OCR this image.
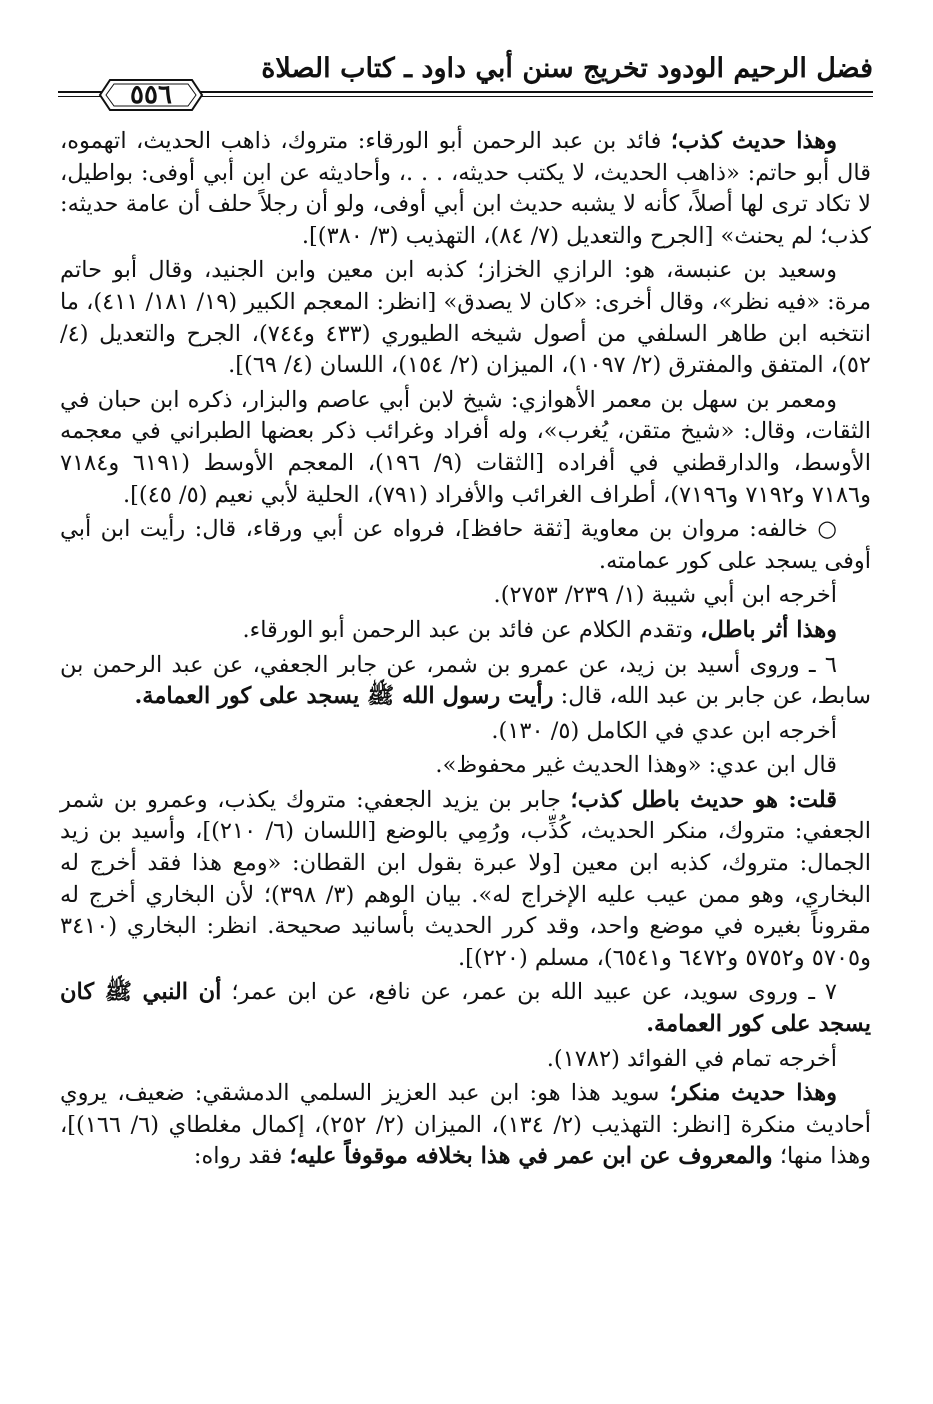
فضل الرحيم الودود تخريج سنن أبي داود ـ كتاب الصلاة
٥٥٦

وهذا حديث كذب؛ فائد بن عبد الرحمن أبو الورقاء: متروك، ذاهب الحديث، اتهموه، قال أبو حاتم: «ذاهب الحديث، لا يكتب حديثه، . . .، وأحاديثه عن ابن أبي أوفى: بواطيل، لا تكاد ترى لها أصلاً، كأنه لا يشبه حديث ابن أبي أوفى، ولو أن رجلاً حلف أن عامة حديثه: كذب؛ لم يحنث» [الجرح والتعديل (٧/ ٨٤)، التهذيب (٣/ ٣٨٠)].

وسعيد بن عنبسة، هو: الرازي الخزاز؛ كذبه ابن معين وابن الجنيد، وقال أبو حاتم مرة: «فيه نظر»، وقال أخرى: «كان لا يصدق» [انظر: المعجم الكبير (١٩/ ١٨١/ ٤١١)، ما انتخبه ابن طاهر السلفي من أصول شيخه الطيوري (٤٣٣ و٧٤٤)، الجرح والتعديل (٤/ ٥٢)، المتفق والمفترق (٢/ ١٠٩٧)، الميزان (٢/ ١٥٤)، اللسان (٤/ ٦٩)].

ومعمر بن سهل بن معمر الأهوازي: شيخ لابن أبي عاصم والبزار، ذكره ابن حبان في الثقات، وقال: «شيخ متقن، يُغرب»، وله أفراد وغرائب ذكر بعضها الطبراني في معجمه الأوسط، والدارقطني في أفراده [الثقات (٩/ ١٩٦)، المعجم الأوسط (٦١٩١ و٧١٨٤ و٧١٨٦ و٧١٩٢ و٧١٩٦)، أطراف الغرائب والأفراد (٧٩١)، الحلية لأبي نعيم (٥/ ٤٥)].

○ خالفه: مروان بن معاوية [ثقة حافظ]، فرواه عن أبي ورقاء، قال: رأيت ابن أبي أوفى يسجد على كور عمامته.

أخرجه ابن أبي شيبة (١/ ٢٣٩/ ٢٧٥٣).

وهذا أثر باطل، وتقدم الكلام عن فائد بن عبد الرحمن أبو الورقاء.

٦ ـ وروى أسيد بن زيد، عن عمرو بن شمر، عن جابر الجعفي، عن عبد الرحمن بن سابط، عن جابر بن عبد الله، قال: رأيت رسول الله ﷺ يسجد على كور العمامة.

أخرجه ابن عدي في الكامل (٥/ ١٣٠).

قال ابن عدي: «وهذا الحديث غير محفوظ».

قلت: هو حديث باطل كذب؛ جابر بن يزيد الجعفي: متروك يكذب، وعمرو بن شمر الجعفي: متروك، منكر الحديث، كُذِّب، ورُمِي بالوضع [اللسان (٦/ ٢١٠)]، وأسيد بن زيد الجمال: متروك، كذبه ابن معين [ولا عبرة بقول ابن القطان: «ومع هذا فقد أخرج له البخاري، وهو ممن عيب عليه الإخراج له». بيان الوهم (٣/ ٣٩٨)؛ لأن البخاري أخرج له مقروناً بغيره في موضع واحد، وقد كرر الحديث بأسانيد صحيحة. انظر: البخاري (٣٤١٠ و٥٧٠٥ و٥٧٥٢ و٦٤٧٢ و٦٥٤١)، مسلم (٢٢٠)].

٧ ـ وروى سويد، عن عبيد الله بن عمر، عن نافع، عن ابن عمر؛ أن النبي ﷺ كان يسجد على كور العمامة.

أخرجه تمام في الفوائد (١٧٨٢).

وهذا حديث منكر؛ سويد هذا هو: ابن عبد العزيز السلمي الدمشقي: ضعيف، يروي أحاديث منكرة [انظر: التهذيب (٢/ ١٣٤)، الميزان (٢/ ٢٥٢)، إكمال مغلطاي (٦/ ١٦٦)]، وهذا منها؛ والمعروف عن ابن عمر في هذا بخلافه موقوفاً عليه؛ فقد رواه:
